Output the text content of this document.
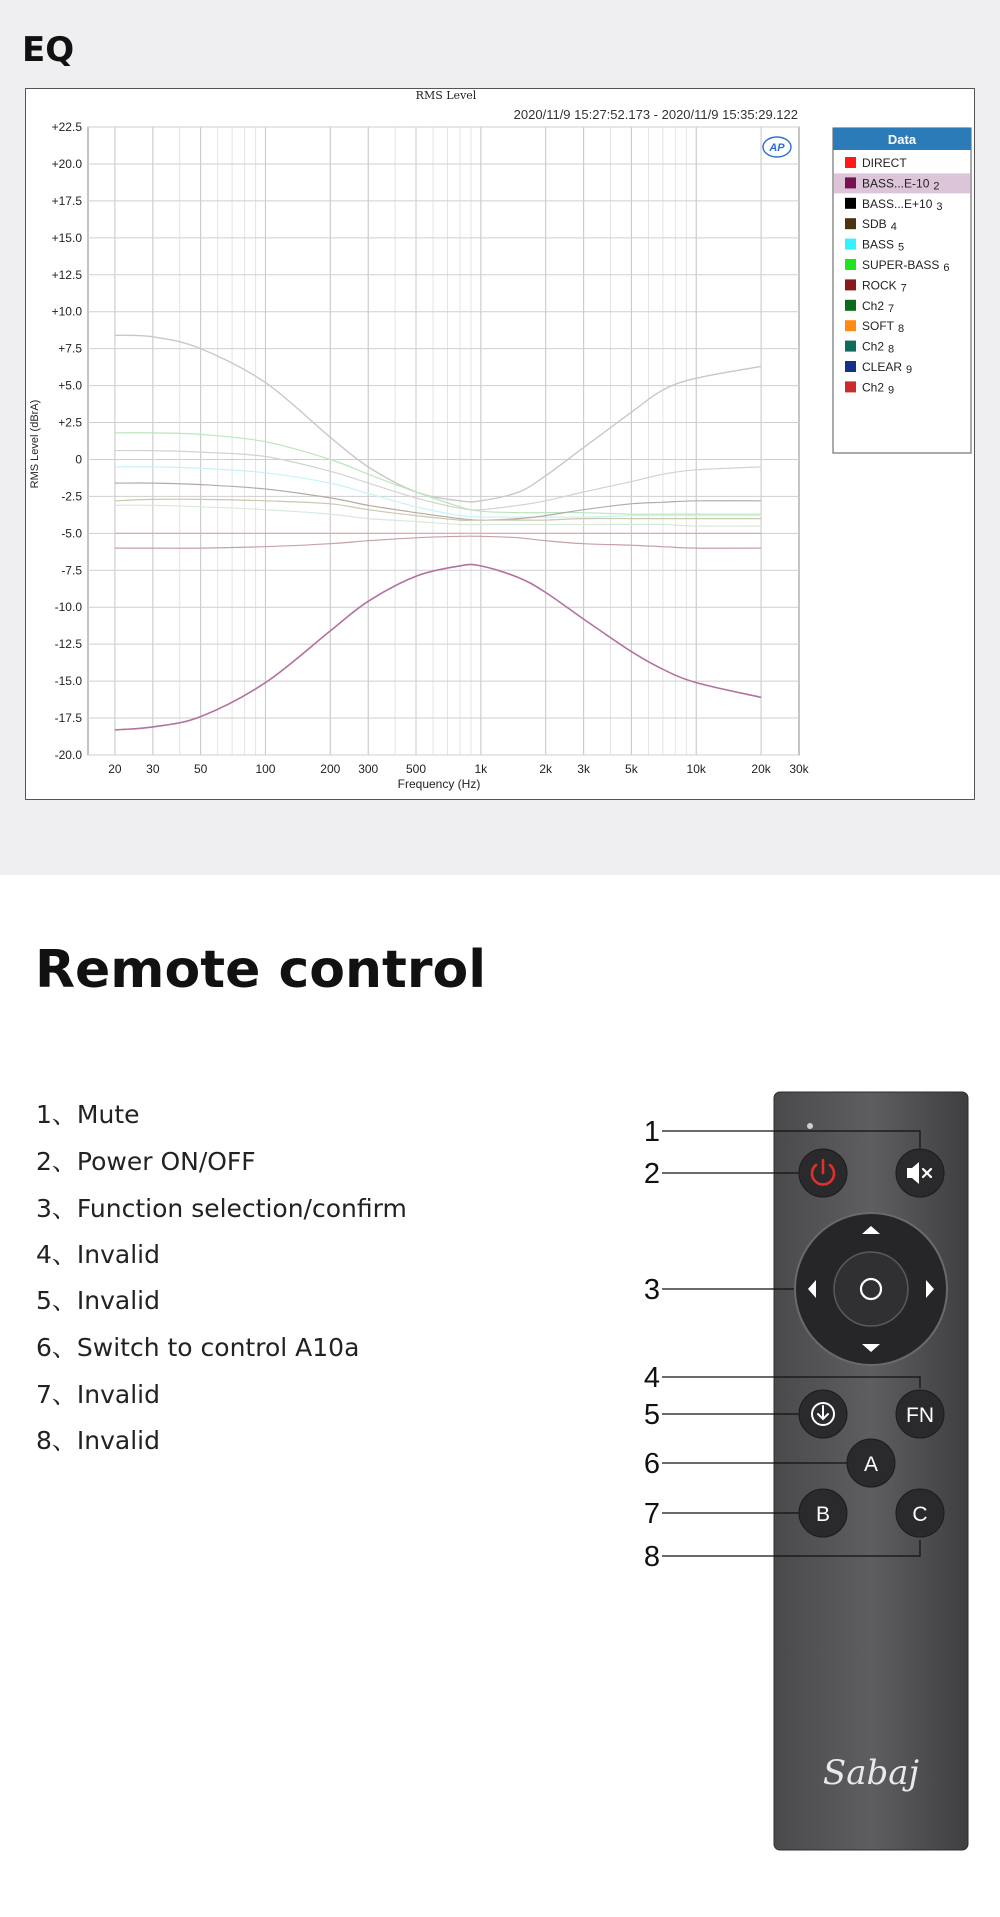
EQ
RMS Level
2020/11/9 15:27:52.173 - 2020/11/9 15:35:29.122
+22.5
+20.0
+17.5
+15.0
+12.5
+10.0
+7.5
+5.0
+2.5
0
-2.5
-5.0
-7.5
-10.0
-12.5
-15.0
-17.5
-20.0
20 30	50	100	200 300 500	1k	2k 3k	5k	10k	20k 30k
Frequency (Hz)
RMS Level (dBrA)
AP
Data
DIRECT
BASS...E-10 2
BASS...E+10 3
SDB 4
BASS 5
SUPER-BASS 6
ROCK 7
Ch2 7
SOFT 8
Ch2 8
CLEAR 9
Ch2 9
Remote control
1、Mute
2、Power ON/OFF
3、Function selection/confirm
4、Invalid
5、Invalid
6、Switch to control A10a
7、Invalid
8、Invalid
1
2
3
4
5
6
7
8
FN
A
B	C
Sabaj
